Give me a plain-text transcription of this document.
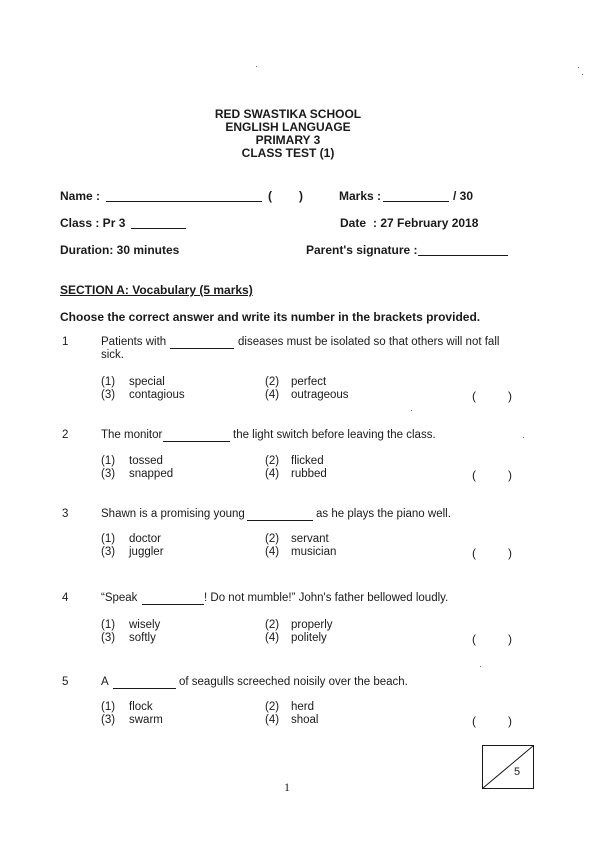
RED SWASTIKA SCHOOL
ENGLISH LANGUAGE
PRIMARY 3
CLASS TEST (1)
Name :	( )	Marks :	/ 30
Class : Pr 3	Date : 27 February 2018
Duration: 30 minutes	Parent's signature :
SECTION A: Vocabulary (5 marks)
Choose the correct answer and write its number in the brackets provided.
1	Patients with	diseases must be isolated so that others will not fall
sick.
(1) special	(2) perfect
(3) contagious	(4) outrageous	(	)
2	The monitor	the light switch before leaving the class.
(1) tossed	(2) flicked
(3) snapped	(4) rubbed	(	)
3	Shawn is a promising young	as he plays the piano well.
(1) doctor	(2) servant
(3) juggler	(4) musician	(	)
4	“Speak	! Do not mumble!” John's father bellowed loudly.
(1) wisely	(2) properly
(3) softly	(4) politely	(	)
5	A	of seagulls screeched noisily over the beach.
(1) flock	(2) herd
(3) swarm	(4) shoal	(	)
5
1
